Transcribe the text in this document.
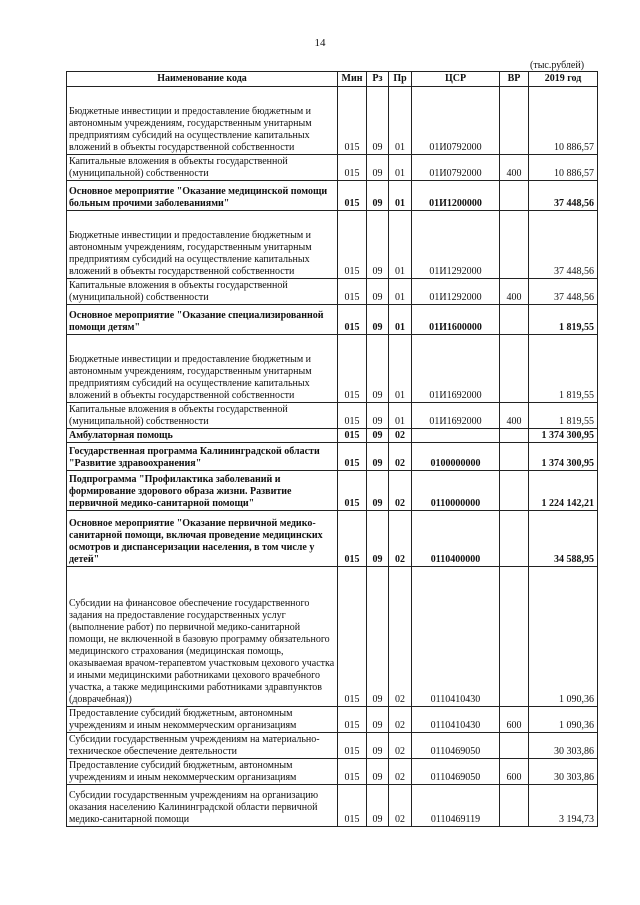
14
(тыс.рублей)
Наименование кода	Мин	Рз	Пр	ЦСР	ВР	2019 год
Бюджетные инвестиции и предоставление бюджетным и автономным учреждениям, государственным унитарным предприятиям субсидий на осуществление капитальных вложений в объекты государственной собственности	015	09	01	01И0792000		10 886,57
Капитальные вложения в объекты государственной (муниципальной) собственности	015	09	01	01И0792000	400	10 886,57
Основное мероприятие "Оказание медицинской помощи больным прочими заболеваниями"	015	09	01	01И1200000		37 448,56
Бюджетные инвестиции и предоставление бюджетным и автономным учреждениям, государственным унитарным предприятиям субсидий на осуществление капитальных вложений в объекты государственной собственности	015	09	01	01И1292000		37 448,56
Капитальные вложения в объекты государственной (муниципальной) собственности	015	09	01	01И1292000	400	37 448,56
Основное мероприятие "Оказание специализированной помощи детям"	015	09	01	01И1600000		1 819,55
Бюджетные инвестиции и предоставление бюджетным и автономным учреждениям, государственным унитарным предприятиям субсидий на осуществление капитальных вложений в объекты государственной собственности	015	09	01	01И1692000		1 819,55
Капитальные вложения в объекты государственной (муниципальной) собственности	015	09	01	01И1692000	400	1 819,55
Амбулаторная помощь	015	09	02			1 374 300,95
Государственная программа Калининградской области "Развитие здравоохранения"	015	09	02	0100000000		1 374 300,95
Подпрограмма "Профилактика заболеваний и формирование здорового образа жизни. Развитие первичной медико-санитарной помощи"	015	09	02	0110000000		1 224 142,21
Основное мероприятие "Оказание первичной медико-санитарной помощи, включая проведение медицинских осмотров и диспансеризации населения, в том числе у детей"	015	09	02	0110400000		34 588,95
Субсидии на финансовое обеспечение государственного задания на предоставление государственных услуг (выполнение работ) по первичной медико-санитарной помощи, не включенной в базовую программу обязательного медицинского страхования (медицинская помощь, оказываемая врачом-терапевтом участковым цехового участка и иными медицинскими работниками цехового врачебного участка, а также медицинскими работниками здравпунктов (доврачебная))	015	09	02	0110410430		1 090,36
Предоставление субсидий бюджетным, автономным учреждениям и иным некоммерческим организациям	015	09	02	0110410430	600	1 090,36
Субсидии государственным учреждениям на материально-техническое обеспечение деятельности	015	09	02	0110469050		30 303,86
Предоставление субсидий бюджетным, автономным учреждениям и иным некоммерческим организациям	015	09	02	0110469050	600	30 303,86
Субсидии государственным учреждениям на организацию оказания населению Калининградской области первичной медико-санитарной помощи	015	09	02	0110469119		3 194,73
